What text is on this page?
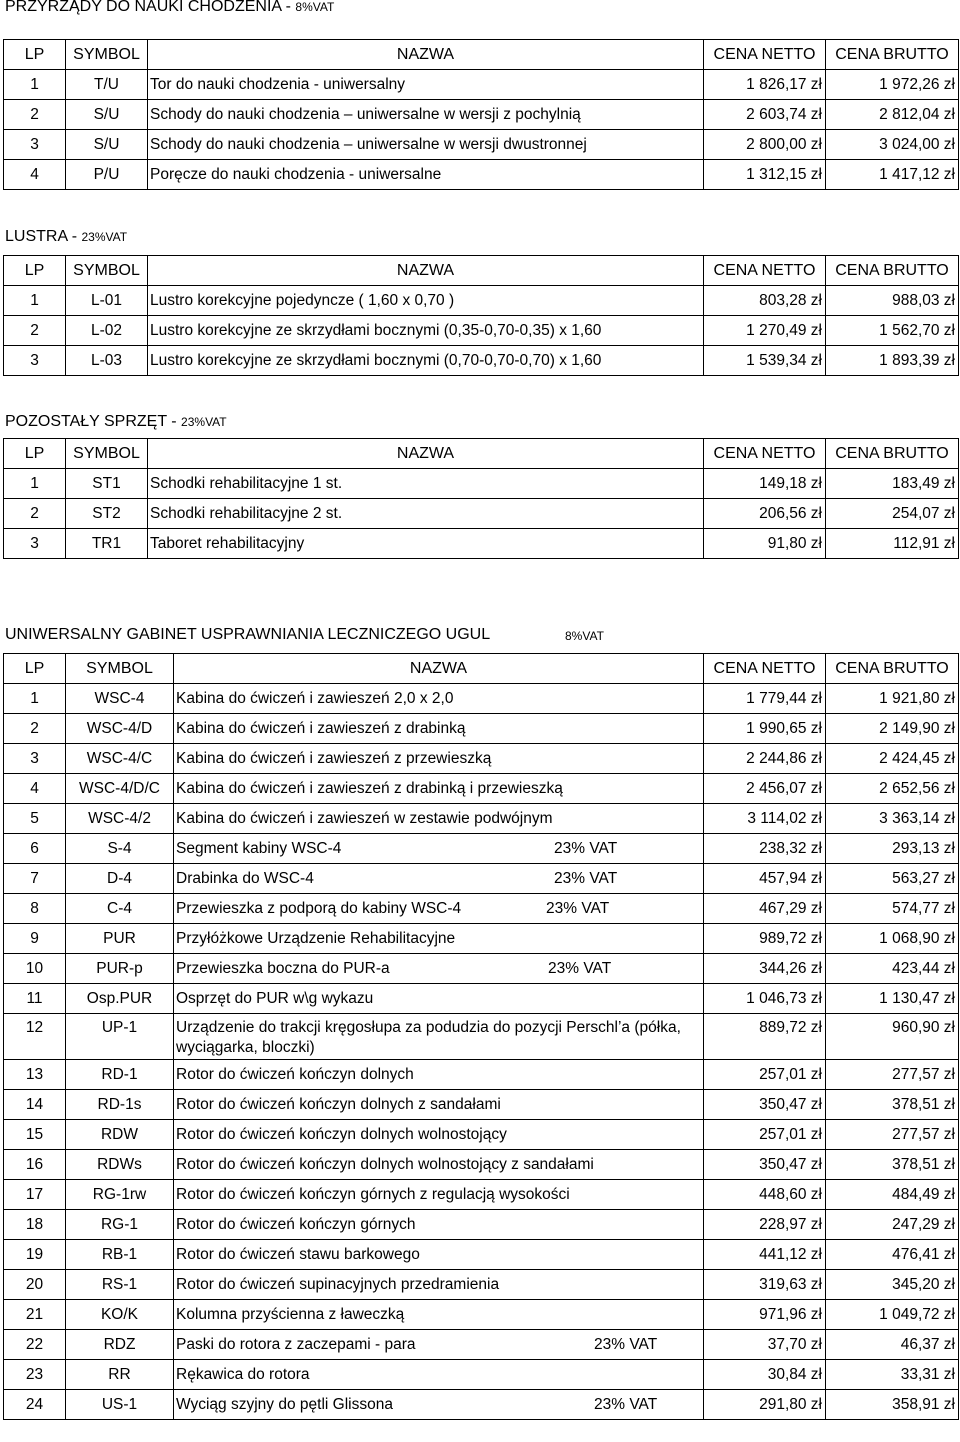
PRZYRZĄDY DO NAUKI CHODZENIA - 8%VAT
LP	SYMBOL	NAZWA	CENA NETTO	CENA BRUTTO
1	T/U	Tor do nauki chodzenia - uniwersalny	1 826,17 zł	1 972,26 zł
2	S/U	Schody do nauki chodzenia – uniwersalne w wersji z pochylnią	2 603,74 zł	2 812,04 zł
3	S/U	Schody do nauki chodzenia – uniwersalne w wersji dwustronnej	2 800,00 zł	3 024,00 zł
4	P/U	Poręcze do nauki chodzenia - uniwersalne	1 312,15 zł	1 417,12 zł
LUSTRA - 23%VAT
LP	SYMBOL	NAZWA	CENA NETTO	CENA BRUTTO
1	L-01	Lustro korekcyjne pojedyncze ( 1,60 x 0,70 )	803,28 zł	988,03 zł
2	L-02	Lustro korekcyjne ze skrzydłami bocznymi (0,35-0,70-0,35) x 1,60	1 270,49 zł	1 562,70 zł
3	L-03	Lustro korekcyjne ze skrzydłami bocznymi (0,70-0,70-0,70) x 1,60	1 539,34 zł	1 893,39 zł
POZOSTAŁY SPRZĘT - 23%VAT
LP	SYMBOL	NAZWA	CENA NETTO	CENA BRUTTO
1	ST1	Schodki rehabilitacyjne 1 st.	149,18 zł	183,49 zł
2	ST2	Schodki rehabilitacyjne 2 st.	206,56 zł	254,07 zł
3	TR1	Taboret rehabilitacyjny	91,80 zł	112,91 zł
UNIWERSALNY GABINET USPRAWNIANIA LECZNICZEGO UGUL	8%VAT
LP	SYMBOL	NAZWA	CENA NETTO	CENA BRUTTO
1	WSC-4	Kabina do ćwiczeń i zawieszeń 2,0 x 2,0	1 779,44 zł	1 921,80 zł
2	WSC-4/D	Kabina do ćwiczeń i zawieszeń z drabinką	1 990,65 zł	2 149,90 zł
3	WSC-4/C	Kabina do ćwiczeń i zawieszeń z przewieszką	2 244,86 zł	2 424,45 zł
4	WSC-4/D/C	Kabina do ćwiczeń i zawieszeń z drabinką i przewieszką	2 456,07 zł	2 652,56 zł
5	WSC-4/2	Kabina do ćwiczeń i zawieszeń w zestawie podwójnym	3 114,02 zł	3 363,14 zł
6	S-4	Segment kabiny WSC-4 23% VAT	238,32 zł	293,13 zł
7	D-4	Drabinka do WSC-4 23% VAT	457,94 zł	563,27 zł
8	C-4	Przewieszka z podporą do kabiny WSC-4 23% VAT	467,29 zł	574,77 zł
9	PUR	Przyłóżkowe Urządzenie Rehabilitacyjne	989,72 zł	1 068,90 zł
10	PUR-p	Przewieszka boczna do PUR-a 23% VAT	344,26 zł	423,44 zł
11	Osp.PUR	Osprzęt do PUR w\g wykazu	1 046,73 zł	1 130,47 zł
12	UP-1	Urządzenie do trakcji kręgosłupa za podudzia do pozycji Perschl’a (półka, wyciągarka, bloczki)	889,72 zł	960,90 zł
13	RD-1	Rotor do ćwiczeń kończyn dolnych	257,01 zł	277,57 zł
14	RD-1s	Rotor do ćwiczeń kończyn dolnych z sandałami	350,47 zł	378,51 zł
15	RDW	Rotor do ćwiczeń kończyn dolnych wolnostojący	257,01 zł	277,57 zł
16	RDWs	Rotor do ćwiczeń kończyn dolnych wolnostojący z sandałami	350,47 zł	378,51 zł
17	RG-1rw	Rotor do ćwiczeń kończyn górnych z regulacją wysokości	448,60 zł	484,49 zł
18	RG-1	Rotor do ćwiczeń kończyn górnych	228,97 zł	247,29 zł
19	RB-1	Rotor do ćwiczeń stawu barkowego	441,12 zł	476,41 zł
20	RS-1	Rotor do ćwiczeń supinacyjnych przedramienia	319,63 zł	345,20 zł
21	KO/K	Kolumna przyścienna z ławeczką	971,96 zł	1 049,72 zł
22	RDZ	Paski do rotora z zaczepami - para 23% VAT	37,70 zł	46,37 zł
23	RR	Rękawica do rotora	30,84 zł	33,31 zł
24	US-1	Wyciąg szyjny do pętli Glissona 23% VAT	291,80 zł	358,91 zł
